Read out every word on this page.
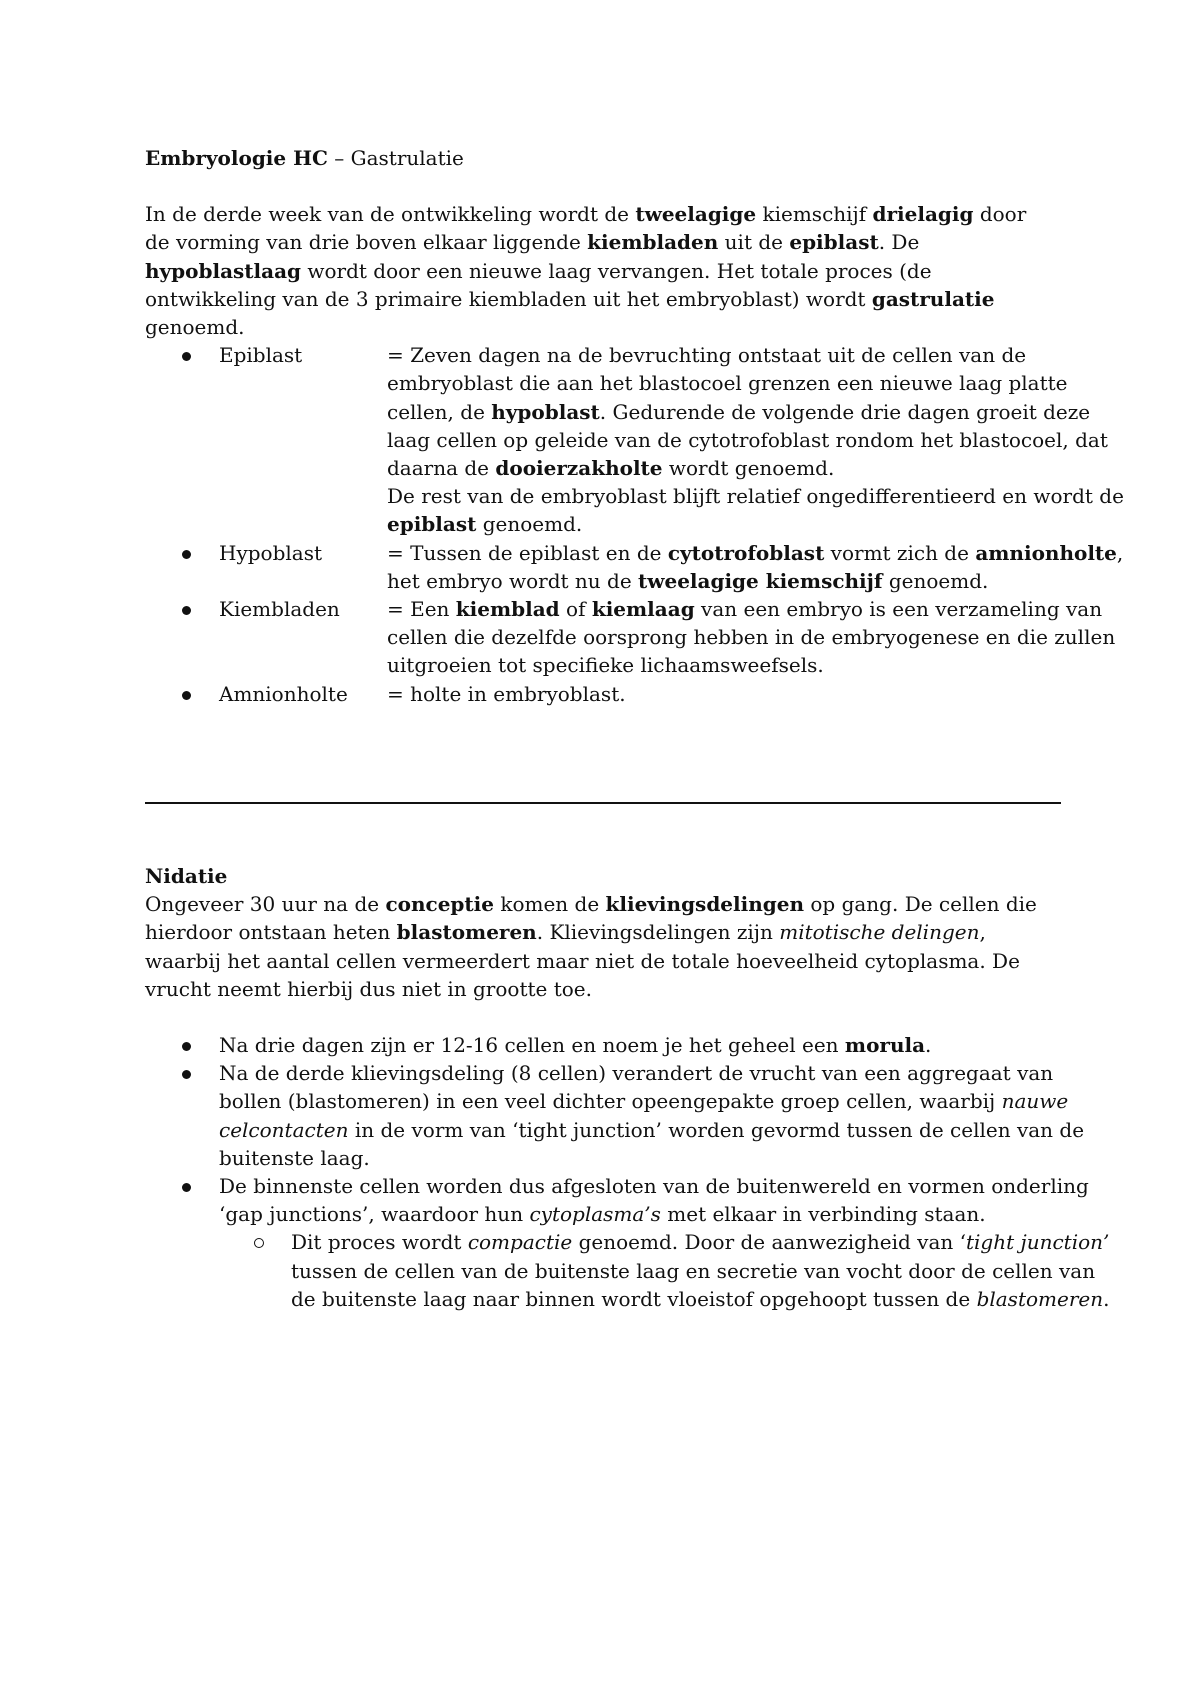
Embryologie HC – Gastrulatie
In de derde week van de ontwikkeling wordt de tweelagige kiemschijf drielagig door de vorming van drie boven elkaar liggende kiembladen uit de epiblast. De hypoblastlaag wordt door een nieuwe laag vervangen. Het totale proces (de ontwikkeling van de 3 primaire kiembladen uit het embryoblast) wordt gastrulatie genoemd.
Epiblast	= Zeven dagen na de bevruchting ontstaat uit de cellen van de embryoblast die aan het blastocoel grenzen een nieuwe laag platte cellen, de hypoblast. Gedurende de volgende drie dagen groeit deze laag cellen op geleide van de cytotrofoblast rondom het blastocoel, dat daarna de dooierzakholte wordt genoemd.
De rest van de embryoblast blijft relatief ongedifferentieerd en wordt de epiblast genoemd.
Hypoblast	= Tussen de epiblast en de cytotrofoblast vormt zich de amnionholte, het embryo wordt nu de tweelagige kiemschijf genoemd.
Kiembladen = Een kiemblad of kiemlaag van een embryo is een verzameling van cellen die dezelfde oorsprong hebben in de embryogenese en die zullen uitgroeien tot specifieke lichaamsweefsels.
Amnionholte = holte in embryoblast.
Nidatie
Ongeveer 30 uur na de conceptie komen de klievingsdelingen op gang. De cellen die hierdoor ontstaan heten blastomeren. Klievingsdelingen zijn mitotische delingen, waarbij het aantal cellen vermeerdert maar niet de totale hoeveelheid cytoplasma. De vrucht neemt hierbij dus niet in grootte toe.
Na drie dagen zijn er 12-16 cellen en noem je het geheel een morula.
Na de derde klievingsdeling (8 cellen) verandert de vrucht van een aggregaat van bollen (blastomeren) in een veel dichter opeengepakte groep cellen, waarbij nauwe celcontacten in de vorm van ‘tight junction’ worden gevormd tussen de cellen van de buitenste laag.
De binnenste cellen worden dus afgesloten van de buitenwereld en vormen onderling ‘gap junctions’, waardoor hun cytoplasma’s met elkaar in verbinding staan.
Dit proces wordt compactie genoemd. Door de aanwezigheid van ‘tight junction’ tussen de cellen van de buitenste laag en secretie van vocht door de cellen van de buitenste laag naar binnen wordt vloeistof opgehoopt tussen de blastomeren.
